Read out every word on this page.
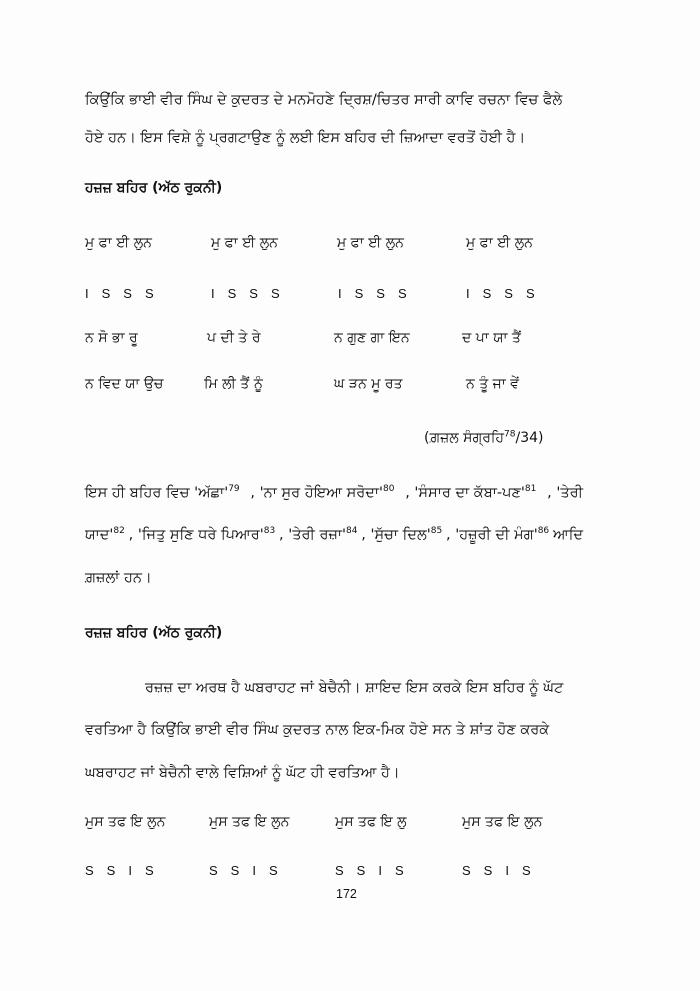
ਕਿਉਂਕਿ ਭਾਈ ਵੀਰ ਸਿੰਘ ਦੇ ਕੁਦਰਤ ਦੇ ਮਨਮੋਹਣੇ ਦ੍ਰਿਸ਼/ਚਿਤਰ ਸਾਰੀ ਕਾਵਿ ਰਚਨਾ ਵਿਚ ਫੈਲੇ
ਹੋਏ ਹਨ। ਇਸ ਵਿਸ਼ੇ ਨੂੰ ਪ੍ਰਗਟਾਉਣ ਨੂੰ ਲਈ ਇਸ ਬਹਿਰ ਦੀ ਜ਼ਿਆਦਾ ਵਰਤੋਂ ਹੋਈ ਹੈ।
ਹਜ਼ਜ਼ ਬਹਿਰ (ਅੱਠ ਰੁਕਨੀ)
ਮੁ ਫਾ ਈ ਲੁਨ	ਮੁ ਫਾ ਈ ਲੁਨ	ਮੁ ਫਾ ਈ ਲੁਨ	ਮੁ ਫਾ ਈ ਲੁਨ
I S S S	I S S S	I S S S	I S S S
ਨ ਸੋ ਭਾ ਰੂ	ਪ ਦੀ ਤੇ ਰੇ	ਨ ਗੁਣ ਗਾ ਇਨ	ਦ ਪਾ ਯਾ ਤੈਂ
ਨ ਵਿਦ ਯਾ ਉਚ	ਮਿ ਲੀ ਤੈਂ ਨੂੰ	ਘ ੜਨ ਮੂ ਰਤ	ਨ ਤੂੰ ਜਾ ਵੇਂ
(ਗ਼ਜ਼ਲ ਸੰਗ੍ਰਹਿ$^{78}$/34)
ਇਸ ਹੀ ਬਹਿਰ ਵਿਚ '$ਅੱਛਾ'^{79}$ , 'ਨਾ ਸੁਰ ਹੋਇਆ $ਸਰੋਦਾ'^{80}$ , 'ਸੰਸਾਰ ਦਾ $ਕੱਬਾ-ਪਣ'^{81}$ , 'ਤੇਰੀ
$ਯਾਦ'^{82}$ , 'ਜਿਤੁ ਸੁਣਿ ਧਰੇ $ਪਿਆਰ'^{83}$ , 'ਤੇਰੀ $ਰਜ਼ਾ'^{84}$ , 'ਸੁੱਚਾ $ਦਿਲ'^{85}$ , 'ਹਜ਼ੂਰੀ ਦੀ $ਮੰਗ'^{86}$ ਆਦਿ
ਗ਼ਜ਼ਲਾਂ ਹਨ।
ਰਜ਼ਜ਼ ਬਹਿਰ (ਅੱਠ ਰੁਕਨੀ)
ਰਜ਼ਜ਼ ਦਾ ਅਰਥ ਹੈ ਘਬਰਾਹਟ ਜਾਂ ਬੇਚੈਨੀ। ਸ਼ਾਇਦ ਇਸ ਕਰਕੇ ਇਸ ਬਹਿਰ ਨੂੰ ਘੱਟ
ਵਰਤਿਆ ਹੈ ਕਿਉਂਕਿ ਭਾਈ ਵੀਰ ਸਿੰਘ ਕੁਦਰਤ ਨਾਲ ਇਕ-ਮਿਕ ਹੋਏ ਸਨ ਤੇ ਸ਼ਾਂਤ ਹੋਣ ਕਰਕੇ
ਘਬਰਾਹਟ ਜਾਂ ਬੇਚੈਨੀ ਵਾਲੇ ਵਿਸ਼ਿਆਂ ਨੂੰ ਘੱਟ ਹੀ ਵਰਤਿਆ ਹੈ।
ਮੁਸ ਤਫ ਇ ਲੁਨ	ਮੁਸ ਤਫ ਇ ਲੁਨ	ਮੁਸ ਤਫ ਇ ਲੁ	ਮੁਸ ਤਫ ਇ ਲੁਨ
S S I S	S S I S	S S I S	S S I S
172
